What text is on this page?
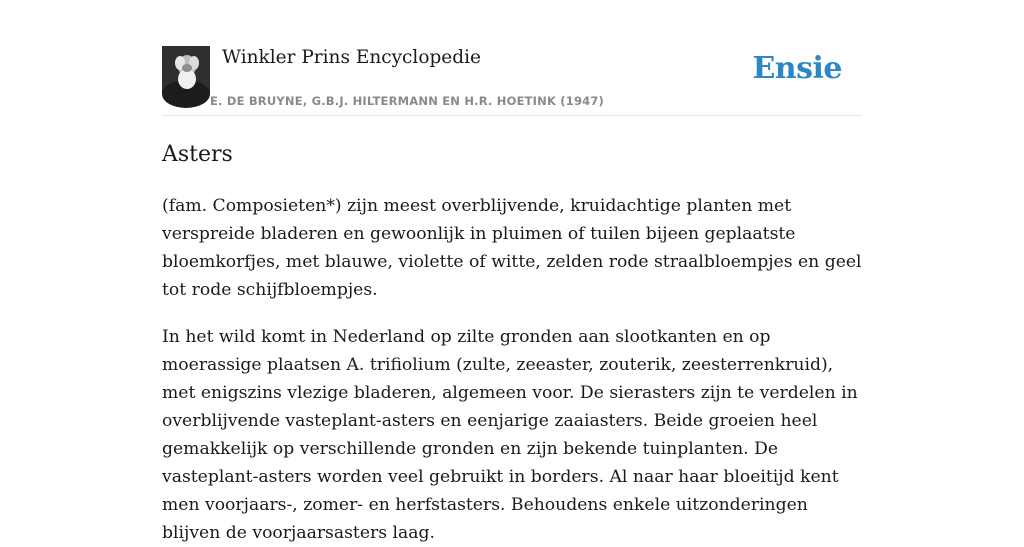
Winkler Prins Encyclopedie	Ensie
E. DE BRUYNE, G.B.J. HILTERMANN EN H.R. HOETINK (1947)
Asters

(fam. Composieten*) zijn meest overblijvende, kruidachtige planten met verspreide bladeren en gewoonlijk in pluimen of tuilen bijeen geplaatste bloemkorfjes, met blauwe, violette of witte, zelden rode straalbloempjes en geel tot rode schijfbloempjes.

In het wild komt in Nederland op zilte gronden aan slootkanten en op moerassige plaatsen A. trifiolium (zulte, zeeaster, zouterik, zeesterrenkruid), met enigszins vlezige bladeren, algemeen voor. De sierasters zijn te verdelen in overblijvende vasteplant-asters en eenjarige zaaiasters. Beide groeien heel gemakkelijk op verschillende gronden en zijn bekende tuinplanten. De vasteplant-asters worden veel gebruikt in borders. Al naar haar bloeitijd kent men voorjaars-, zomer- en herfstasters. Behoudens enkele uitzonderingen blijven de voorjaarsasters laag.
